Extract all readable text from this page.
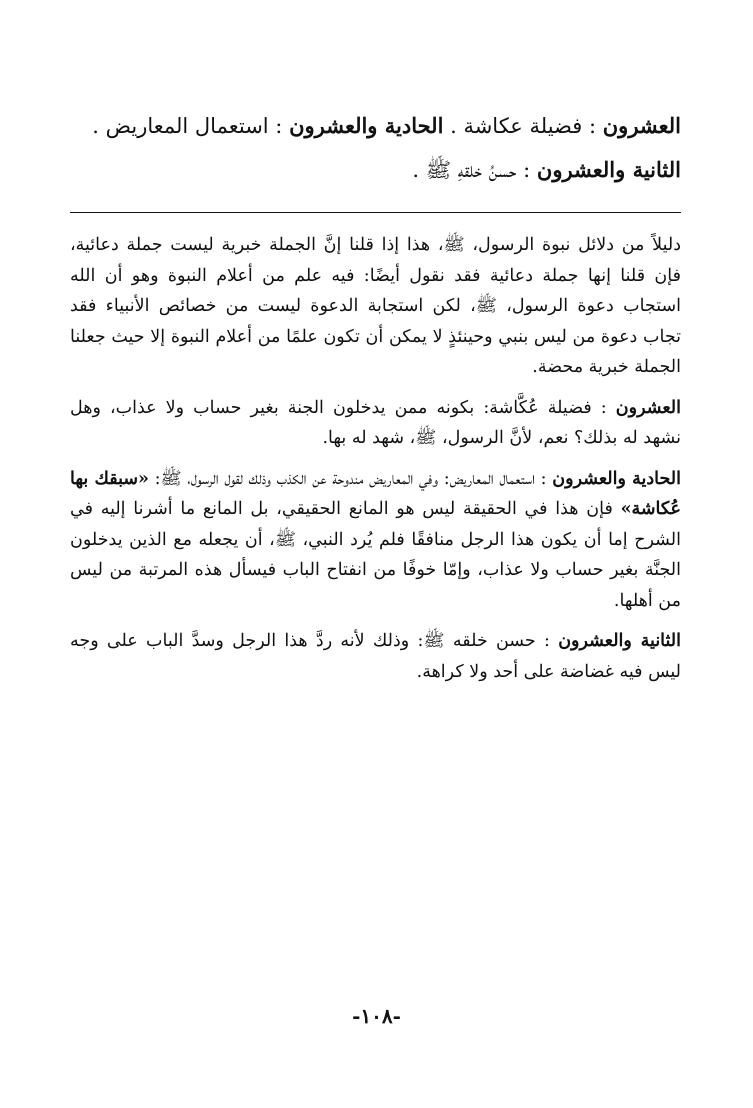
العشرون : فضيلة عكاشة . الحادية والعشرون : استعمال المعاريض .
الثانية والعشرون : حسنُ خلقهِ ﷺ .

دليلاً من دلائل نبوة الرسول، ﷺ، هذا إذا قلنا إنَّ الجملة خبرية ليست جملة دعائية، فإن قلنا إنها جملة دعائية فقد نقول أيضًا: فيه علم من أعلام النبوة وهو أن الله استجاب دعوة الرسول، ﷺ، لكن استجابة الدعوة ليست من خصائص الأنبياء فقد تجاب دعوة من ليس بنبي وحينئذٍ لا يمكن أن تكون علمًا من أعلام النبوة إلا حيث جعلنا الجملة خبرية محضة.

العشرون : فضيلة عُكَّاشة: بكونه ممن يدخلون الجنة بغير حساب ولا عذاب، وهل نشهد له بذلك؟ نعم، لأنَّ الرسول، ﷺ، شهد له بها.

الحادية والعشرون : استعمال المعاريض: وفي المعاريض مندوحة عن الكذب وذلك لقول الرسول، ﷺ: «سبقك بها عُكاشة» فإن هذا في الحقيقة ليس هو المانع الحقيقي، بل المانع ما أشرنا إليه في الشرح إما أن يكون هذا الرجل منافقًا فلم يُرد النبي، ﷺ، أن يجعله مع الذين يدخلون الجنَّة بغير حساب ولا عذاب، وإمّا خوفًا من انفتاح الباب فيسأل هذه المرتبة من ليس من أهلها.

الثانية والعشرون : حسن خلقه ﷺ: وذلك لأنه ردَّ هذا الرجل وسدَّ الباب على وجه ليس فيه غضاضة على أحد ولا كراهة.

-١٠٨-
